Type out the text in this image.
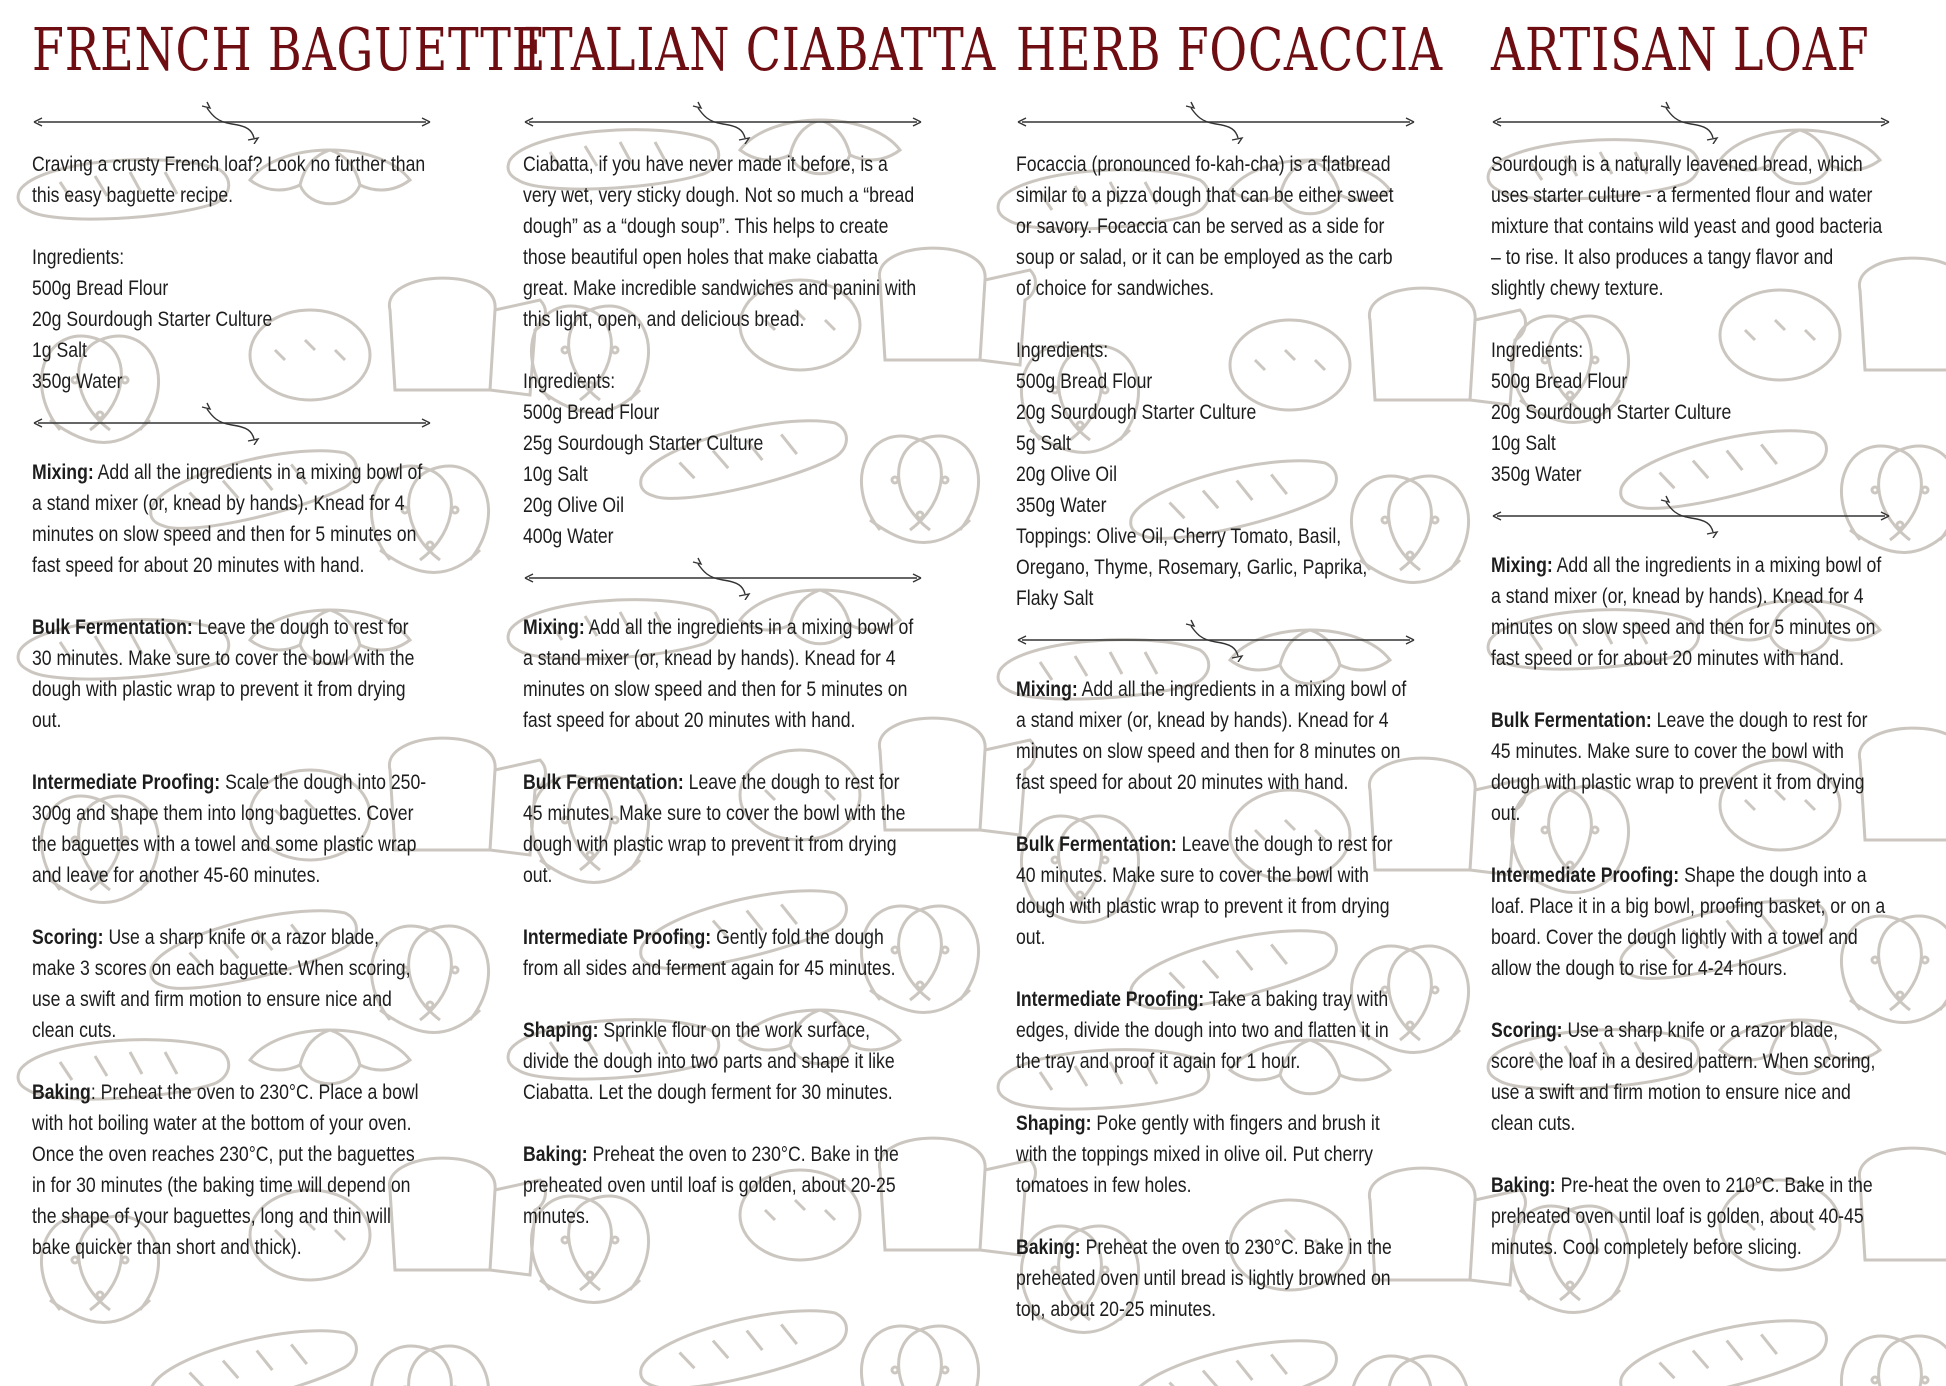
FRENCH BAGUETTE

Craving a crusty French loaf? Look no further than this easy baguette recipe.

Ingredients:
500g Bread Flour
20g Sourdough Starter Culture
1g Salt
350g Water

Mixing: Add all the ingredients in a mixing bowl of a stand mixer (or, knead by hands). Knead for 4 minutes on slow speed and then for 5 minutes on fast speed for about 20 minutes with hand.

Bulk Fermentation: Leave the dough to rest for 30 minutes. Make sure to cover the bowl with the dough with plastic wrap to prevent it from drying out.

Intermediate Proofing: Scale the dough into 250-300g and shape them into long baguettes. Cover the baguettes with a towel and some plastic wrap and leave for another 45-60 minutes.

Scoring: Use a sharp knife or a razor blade, make 3 scores on each baguette. When scoring, use a swift and firm motion to ensure nice and clean cuts.

Baking: Preheat the oven to 230°C. Place a bowl with hot boiling water at the bottom of your oven. Once the oven reaches 230°C, put the baguettes in for 30 minutes (the baking time will depend on the shape of your baguettes, long and thin will bake quicker than short and thick).

ITALIAN CIABATTA

Ciabatta, if you have never made it before, is a very wet, very sticky dough. Not so much a “bread dough” as a “dough soup”. This helps to create those beautiful open holes that make ciabatta great. Make incredible sandwiches and panini with this light, open, and delicious bread.

Ingredients:
500g Bread Flour
25g Sourdough Starter Culture
10g Salt
20g Olive Oil
400g Water

Mixing: Add all the ingredients in a mixing bowl of a stand mixer (or, knead by hands). Knead for 4 minutes on slow speed and then for 5 minutes on fast speed for about 20 minutes with hand.

Bulk Fermentation: Leave the dough to rest for 45 minutes. Make sure to cover the bowl with the dough with plastic wrap to prevent it from drying out.

Intermediate Proofing: Gently fold the dough from all sides and ferment again for 45 minutes.

Shaping: Sprinkle flour on the work surface, divide the dough into two parts and shape it like Ciabatta. Let the dough ferment for 30 minutes.

Baking: Preheat the oven to 230°C. Bake in the preheated oven until loaf is golden, about 20-25 minutes.

HERB FOCACCIA

Focaccia (pronounced fo-kah-cha) is a flatbread similar to a pizza dough that can be either sweet or savory. Focaccia can be served as a side for soup or salad, or it can be employed as the carb of choice for sandwiches.

Ingredients:
500g Bread Flour
20g Sourdough Starter Culture
5g Salt
20g Olive Oil
350g Water
Toppings: Olive Oil, Cherry Tomato, Basil, Oregano, Thyme, Rosemary, Garlic, Paprika, Flaky Salt

Mixing: Add all the ingredients in a mixing bowl of a stand mixer (or, knead by hands). Knead for 4 minutes on slow speed and then for 8 minutes on fast speed for about 20 minutes with hand.

Bulk Fermentation: Leave the dough to rest for 40 minutes. Make sure to cover the bowl with dough with plastic wrap to prevent it from drying out.

Intermediate Proofing: Take a baking tray with edges, divide the dough into two and flatten it in the tray and proof it again for 1 hour.

Shaping: Poke gently with fingers and brush it with the toppings mixed in olive oil. Put cherry tomatoes in few holes.

Baking: Preheat the oven to 230°C. Bake in the preheated oven until bread is lightly browned on top, about 20-25 minutes.

ARTISAN LOAF

Sourdough is a naturally leavened bread, which uses starter culture - a fermented flour and water mixture that contains wild yeast and good bacteria – to rise. It also produces a tangy flavor and slightly chewy texture.

Ingredients:
500g Bread Flour
20g Sourdough Starter Culture
10g Salt
350g Water

Mixing: Add all the ingredients in a mixing bowl of a stand mixer (or, knead by hands). Knead for 4 minutes on slow speed and then for 5 minutes on fast speed or for about 20 minutes with hand.

Bulk Fermentation: Leave the dough to rest for 45 minutes. Make sure to cover the bowl with dough with plastic wrap to prevent it from drying out.

Intermediate Proofing: Shape the dough into a loaf. Place it in a big bowl, proofing basket, or on a board. Cover the dough lightly with a towel and allow the dough to rise for 4-24 hours.

Scoring: Use a sharp knife or a razor blade, score the loaf in a desired pattern. When scoring, use a swift and firm motion to ensure nice and clean cuts.

Baking: Pre-heat the oven to 210°C. Bake in the preheated oven until loaf is golden, about 40-45 minutes. Cool completely before slicing.
